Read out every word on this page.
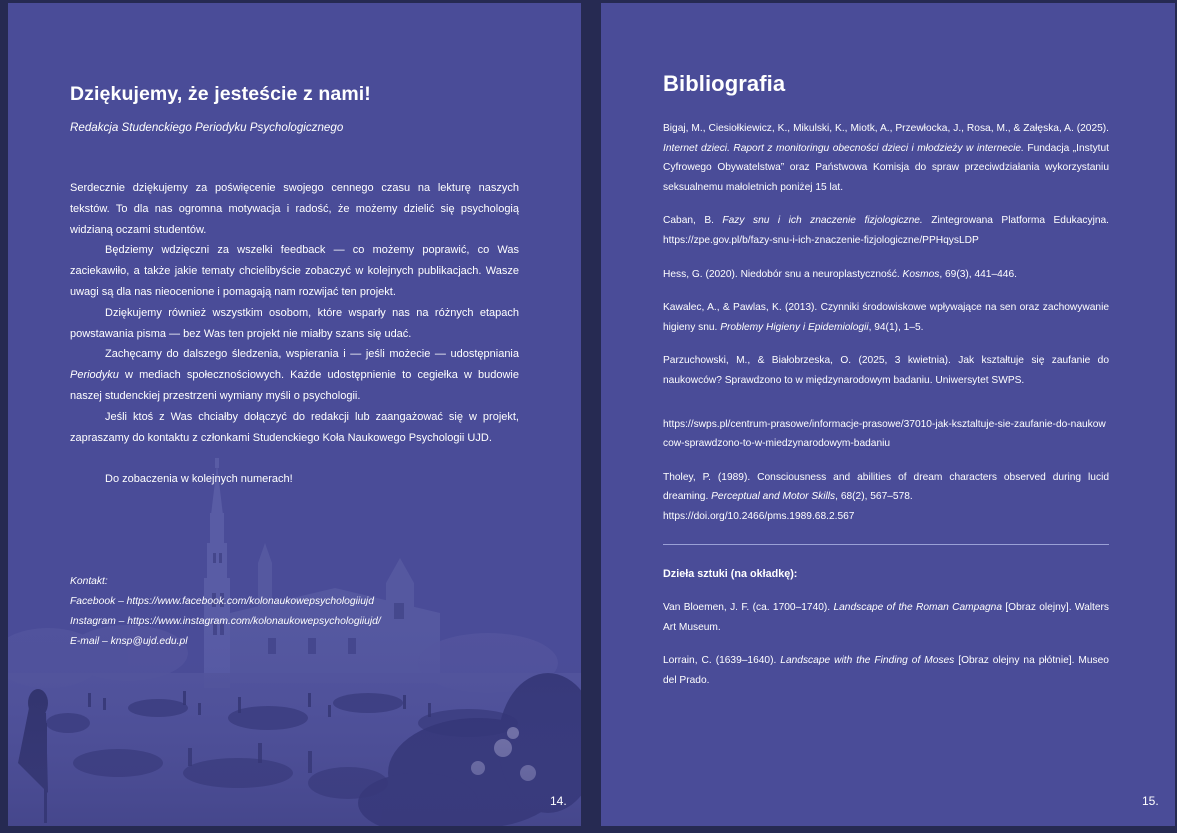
Dziękujemy, że jesteście z nami!
Redakcja Studenckiego Periodyku Psychologicznego

Serdecznie dziękujemy za poświęcenie swojego cennego czasu na lekturę naszych tekstów. To dla nas ogromna motywacja i radość, że możemy dzielić się psychologią widzianą oczami studentów.

Będziemy wdzięczni za wszelki feedback — co możemy poprawić, co Was zaciekawiło, a także jakie tematy chcielibyście zobaczyć w kolejnych publikacjach. Wasze uwagi są dla nas nieocenione i pomagają nam rozwijać ten projekt.

Dziękujemy również wszystkim osobom, które wsparły nas na różnych etapach powstawania pisma — bez Was ten projekt nie miałby szans się udać.

Zachęcamy do dalszego śledzenia, wspierania i — jeśli możecie — udostępniania Periodyku w mediach społecznościowych. Każde udostępnienie to cegiełka w budowie naszej studenckiej przestrzeni wymiany myśli o psychologii.

Jeśli ktoś z Was chciałby dołączyć do redakcji lub zaangażować się w projekt, zapraszamy do kontaktu z członkami Studenckiego Koła Naukowego Psychologii UJD.

Do zobaczenia w kolejnych numerach!

Kontakt:
Facebook – https://www.facebook.com/kolonaukowepsychologiiujd
Instagram – https://www.instagram.com/kolonaukowepsychologiiujd/
E-mail – knsp@ujd.edu.pl
14.
Bibliografia

Bigaj, M., Ciesiołkiewicz, K., Mikulski, K., Miotk, A., Przewłocka, J., Rosa, M., & Załęska, A. (2025). Internet dzieci. Raport z monitoringu obecności dzieci i młodzieży w internecie. Fundacja „Instytut Cyfrowego Obywatelstwa” oraz Państwowa Komisja do spraw przeciwdziałania wykorzystaniu seksualnemu małoletnich poniżej 15 lat.

Caban, B. Fazy snu i ich znaczenie fizjologiczne. Zintegrowana Platforma Edukacyjna. https://zpe.gov.pl/b/fazy-snu-i-ich-znaczenie-fizjologiczne/PPHqysLDP

Hess, G. (2020). Niedobór snu a neuroplastyczność. Kosmos, 69(3), 441–446.

Kawalec, A., & Pawlas, K. (2013). Czynniki środowiskowe wpływające na sen oraz zachowywanie higieny snu. Problemy Higieny i Epidemiologii, 94(1), 1–5.

Parzuchowski, M., & Białobrzeska, O. (2025, 3 kwietnia). Jak kształtuje się zaufanie do naukowców? Sprawdzono to w międzynarodowym badaniu. Uniwersytet SWPS.

https://swps.pl/centrum-prasowe/informacje-prasowe/37010-jak-ksztaltuje-sie-zaufanie-do-naukowcow-sprawdzono-to-w-miedzynarodowym-badaniu

Tholey, P. (1989). Consciousness and abilities of dream characters observed during lucid dreaming. Perceptual and Motor Skills, 68(2), 567–578.
https://doi.org/10.2466/pms.1989.68.2.567

Dzieła sztuki (na okładkę):

Van Bloemen, J. F. (ca. 1700–1740). Landscape of the Roman Campagna [Obraz olejny]. Walters Art Museum.

Lorrain, C. (1639–1640). Landscape with the Finding of Moses [Obraz olejny na płótnie]. Museo del Prado.

15.
